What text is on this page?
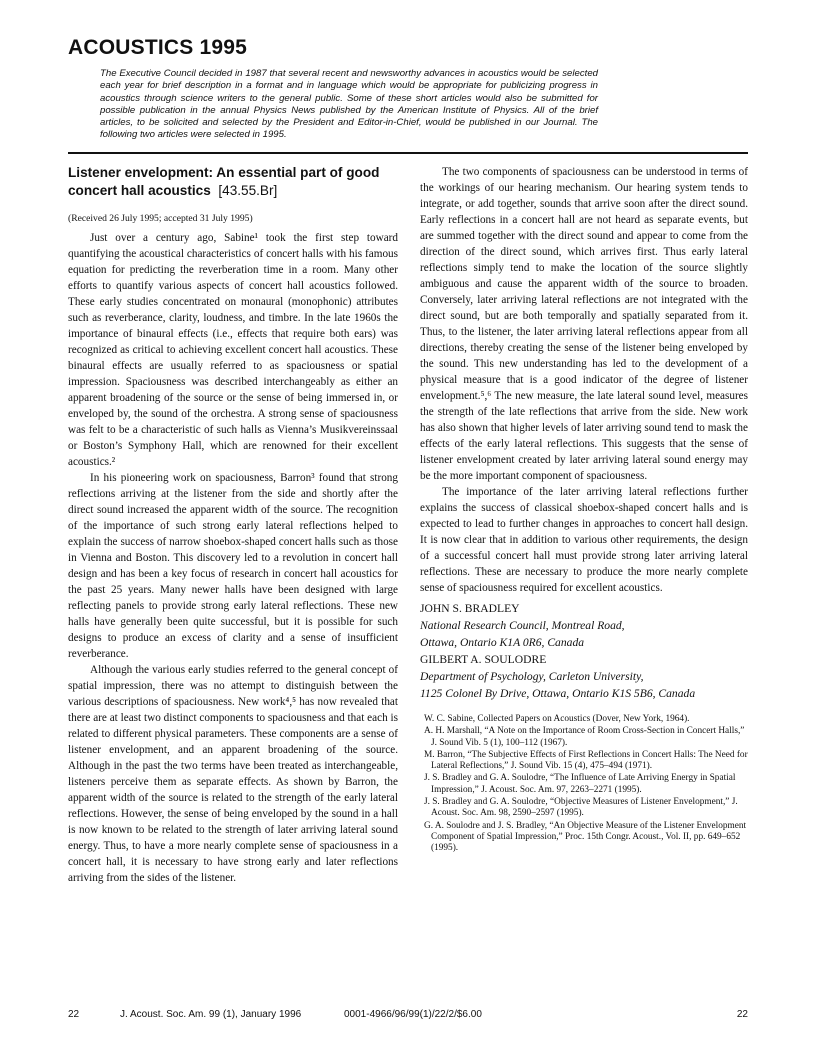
ACOUSTICS 1995
The Executive Council decided in 1987 that several recent and newsworthy advances in acoustics would be selected each year for brief description in a format and in language which would be appropriate for publicizing progress in acoustics through science writers to the general public. Some of these short articles would also be submitted for possible publication in the annual Physics News published by the American Institute of Physics. All of the brief articles, to be solicited and selected by the President and Editor-in-Chief, would be published in our Journal. The following two articles were selected in 1995.
Listener envelopment: An essential part of good concert hall acoustics [43.55.Br]
(Received 26 July 1995; accepted 31 July 1995)

Just over a century ago, Sabine¹ took the first step toward quantifying the acoustical characteristics of concert halls with his famous equation for predicting the reverberation time in a room. Many other efforts to quantify various aspects of concert hall acoustics followed. These early studies concentrated on monaural (monophonic) attributes such as reverberance, clarity, loudness, and timbre. In the late 1960s the importance of binaural effects (i.e., effects that require both ears) was recognized as critical to achieving excellent concert hall acoustics. These binaural effects are usually referred to as spaciousness or spatial impression. Spaciousness was described interchangeably as either an apparent broadening of the source or the sense of being immersed in, or enveloped by, the sound of the orchestra. A strong sense of spaciousness was felt to be a characteristic of such halls as Vienna’s Musikvereinssaal or Boston’s Symphony Hall, which are renowned for their excellent acoustics.²

In his pioneering work on spaciousness, Barron³ found that strong reflections arriving at the listener from the side and shortly after the direct sound increased the apparent width of the source. The recognition of the importance of such strong early lateral reflections helped to explain the success of narrow shoebox-shaped concert halls such as those in Vienna and Boston. This discovery led to a revolution in concert hall design and has been a key focus of research in concert hall acoustics for the past 25 years. Many newer halls have been designed with large reflecting panels to provide strong early lateral reflections. These new halls have generally been quite successful, but it is possible for such designs to produce an excess of clarity and a sense of insufficient reverberance.

Although the various early studies referred to the general concept of spatial impression, there was no attempt to distinguish between the various descriptions of spaciousness. New work⁴,⁵ has now revealed that there are at least two distinct components to spaciousness and that each is related to different physical parameters. These components are a sense of listener envelopment, and an apparent broadening of the source. Although in the past the two terms have been treated as interchangeable, listeners perceive them as separate effects. As shown by Barron, the apparent width of the source is related to the strength of the early lateral reflections. However, the sense of being enveloped by the sound in a hall is now known to be related to the strength of later arriving lateral sound energy. Thus, to have a more nearly complete sense of spaciousness in a concert hall, it is necessary to have strong early and later reflections arriving from the sides of the listener.

The two components of spaciousness can be understood in terms of the workings of our hearing mechanism. Our hearing system tends to integrate, or add together, sounds that arrive soon after the direct sound. Early reflections in a concert hall are not heard as separate events, but are summed together with the direct sound and appear to come from the direction of the direct sound, which arrives first. Thus early lateral reflections simply tend to make the location of the source slightly ambiguous and cause the apparent width of the source to broaden. Conversely, later arriving lateral reflections are not integrated with the direct sound, but are both temporally and spatially separated from it. Thus, to the listener, the later arriving lateral reflections appear from all directions, thereby creating the sense of the listener being enveloped by the sound. This new understanding has led to the development of a physical measure that is a good indicator of the degree of listener envelopment.⁵,⁶ The new measure, the late lateral sound level, measures the strength of the late reflections that arrive from the side. New work has also shown that higher levels of later arriving sound tend to mask the effects of the early lateral reflections. This suggests that the sense of listener envelopment created by later arriving lateral sound energy may be the more important component of spaciousness.

The importance of the later arriving lateral reflections further explains the success of classical shoebox-shaped concert halls and is expected to lead to further changes in approaches to concert hall design. It is now clear that in addition to various other requirements, the design of a successful concert hall must provide strong later arriving lateral reflections. These are necessary to produce the more nearly complete sense of spaciousness required for excellent acoustics.

JOHN S. BRADLEY

National Research Council, Montreal Road,

Ottawa, Ontario K1A 0R6, Canada

GILBERT A. SOULODRE

Department of Psychology, Carleton University,

1125 Colonel By Drive, Ottawa, Ontario K1S 5B6, Canada

W. C. Sabine, Collected Papers on Acoustics (Dover, New York, 1964).

A. H. Marshall, “A Note on the Importance of Room Cross-Section in Concert Halls,” J. Sound Vib. 5 (1), 100–112 (1967).

M. Barron, “The Subjective Effects of First Reflections in Concert Halls: The Need for Lateral Reflections,” J. Sound Vib. 15 (4), 475–494 (1971).

J. S. Bradley and G. A. Soulodre, “The Influence of Late Arriving Energy in Spatial Impression,” J. Acoust. Soc. Am. 97, 2263–2271 (1995).

J. S. Bradley and G. A. Soulodre, “Objective Measures of Listener Envelopment,” J. Acoust. Soc. Am. 98, 2590–2597 (1995).

G. A. Soulodre and J. S. Bradley, “An Objective Measure of the Listener Envelopment Component of Spatial Impression,” Proc. 15th Congr. Acoust., Vol. II, pp. 649–652 (1995).

22	J. Acoust. Soc. Am. 99 (1), January 1996	0001-4966/96/99(1)/22/2/$6.00	22
